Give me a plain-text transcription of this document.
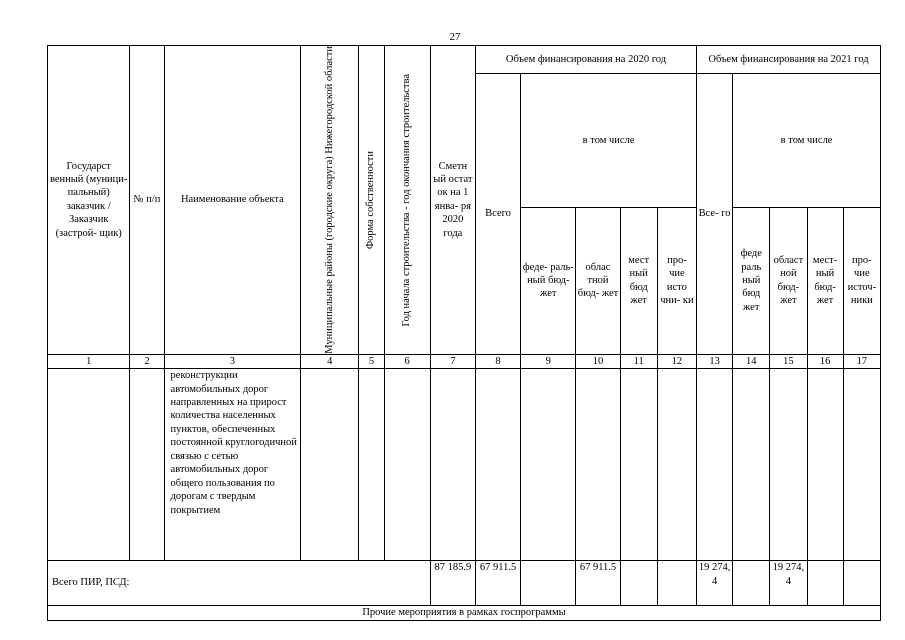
27
Государст венный (муници- пальный) заказчик / Заказчик (застрой- щик)	№ п/п	Наименование объекта	Муниципальные районы (городские округа) Нижегородской области	Форма собственности	Год начала строительства - год окончания строительства	Сметн ый остат ок на 1 янва- ря 2020 года	Объем финансирования на 2020 год					Объем финансирования на 2021 год				
							Всего	в том числе				Все- го	в том числе			
								феде- раль- ный бюд- жет	облас тной бюд- жет	мест ный бюд жет	про- чие исто чни- ки		феде раль ный бюд жет	област ной бюд- жет	мест- ный бюд- жет	про- чие источ- ники
1	2	3	4	5	6	7	8	9	10	11	12	13	14	15	16	17
		реконструкции автомобильных дорог направленных на прирост количества населенных пунктов, обеспеченных постоянной круглогодичной связью с сетью автомобильных дорог общего пользования по дорогам с твердым покрытием														
Всего ПИР, ПСД:						87 185.9	67 911.5		67 911.5			19 274, 4		19 274, 4		
Прочие мероприятия в рамках госпрограммы																
